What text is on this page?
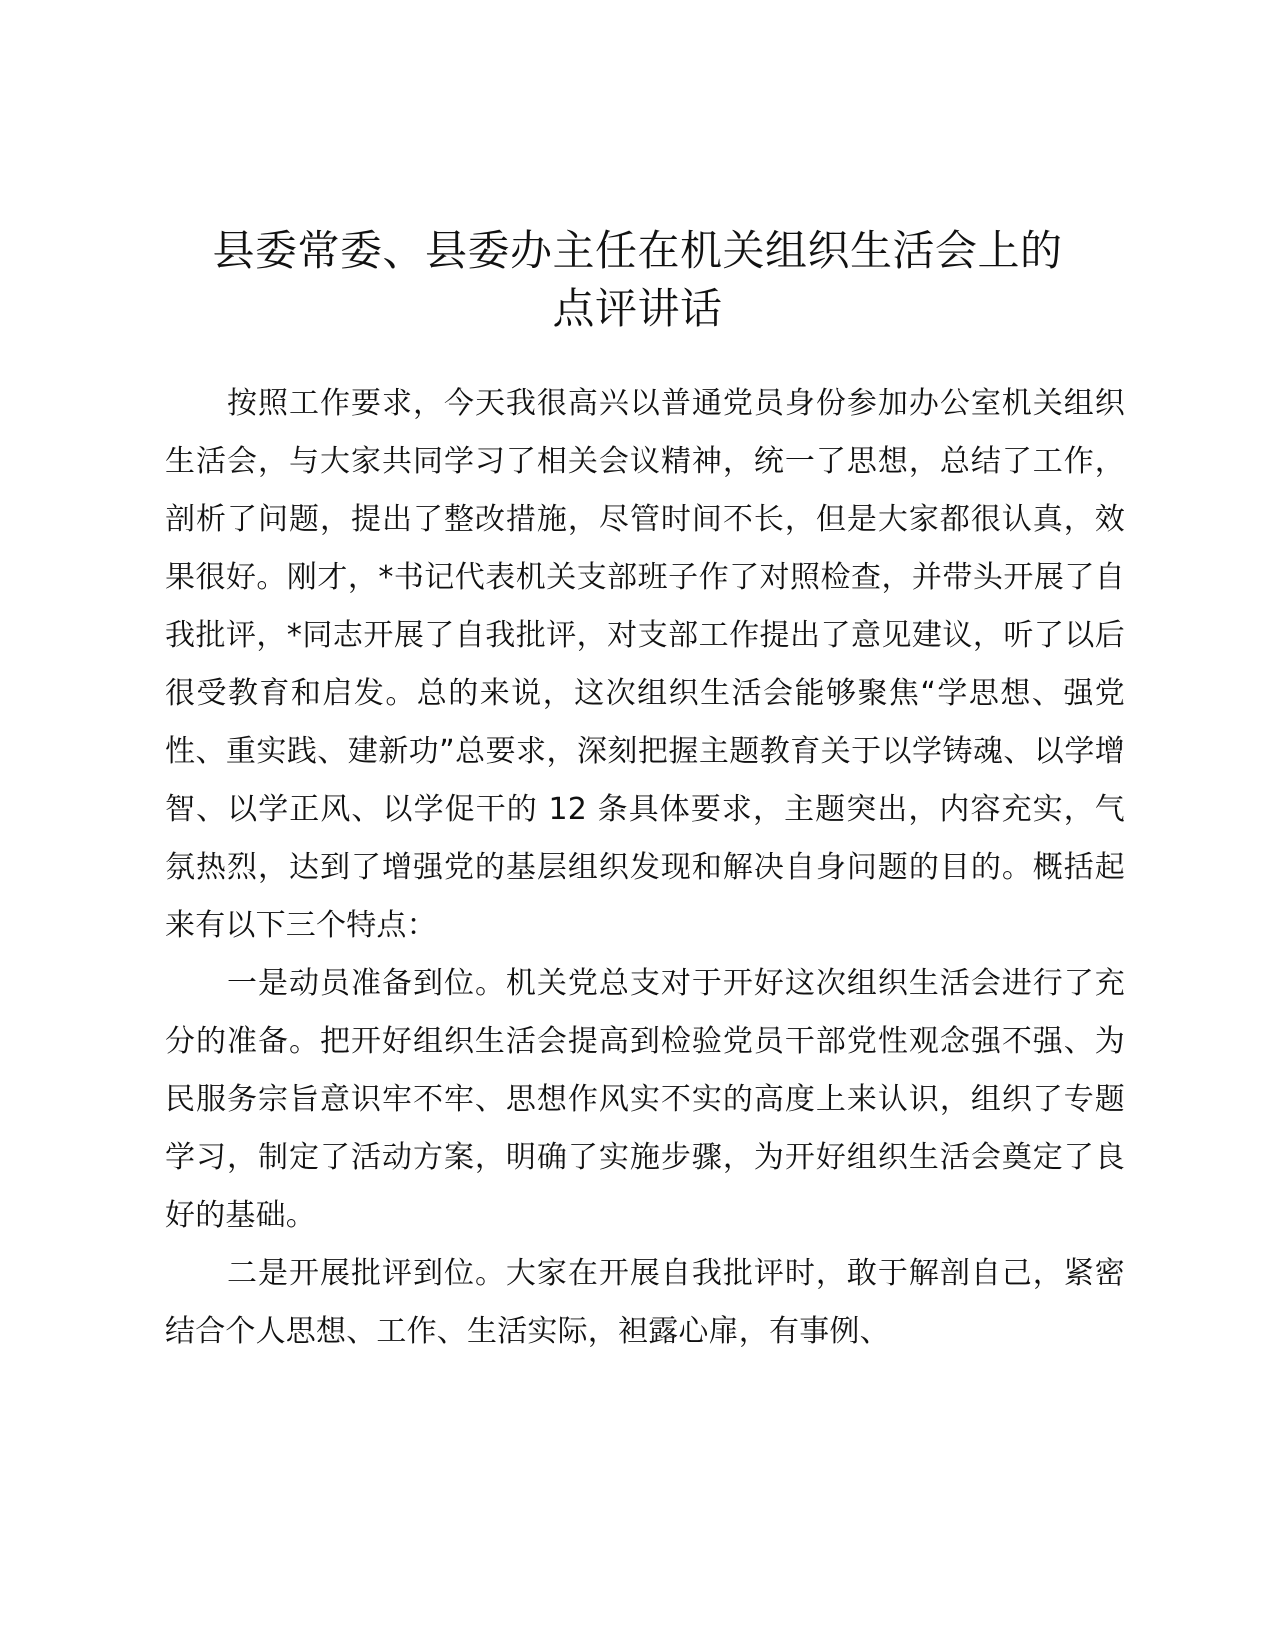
县委常委、县委办主任在机关组织生活会上的
点评讲话

按照工作要求，今天我很高兴以普通党员身份参加办公室机关组织生活会，与大家共同学习了相关会议精神，统一了思想，总结了工作，剖析了问题，提出了整改措施，尽管时间不长，但是大家都很认真，效果很好。刚才，*书记代表机关支部班子作了对照检查，并带头开展了自我批评，*同志开展了自我批评，对支部工作提出了意见建议，听了以后很受教育和启发。总的来说，这次组织生活会能够聚焦“学思想、强党性、重实践、建新功”总要求，深刻把握主题教育关于以学铸魂、以学增智、以学正风、以学促干的 12 条具体要求，主题突出，内容充实，气氛热烈，达到了增强党的基层组织发现和解决自身问题的目的。概括起来有以下三个特点：

一是动员准备到位。机关党总支对于开好这次组织生活会进行了充分的准备。把开好组织生活会提高到检验党员干部党性观念强不强、为民服务宗旨意识牢不牢、思想作风实不实的高度上来认识，组织了专题学习，制定了活动方案，明确了实施步骤，为开好组织生活会奠定了良好的基础。

二是开展批评到位。大家在开展自我批评时，敢于解剖自己，紧密结合个人思想、工作、生活实际，袒露心扉，有事例、
